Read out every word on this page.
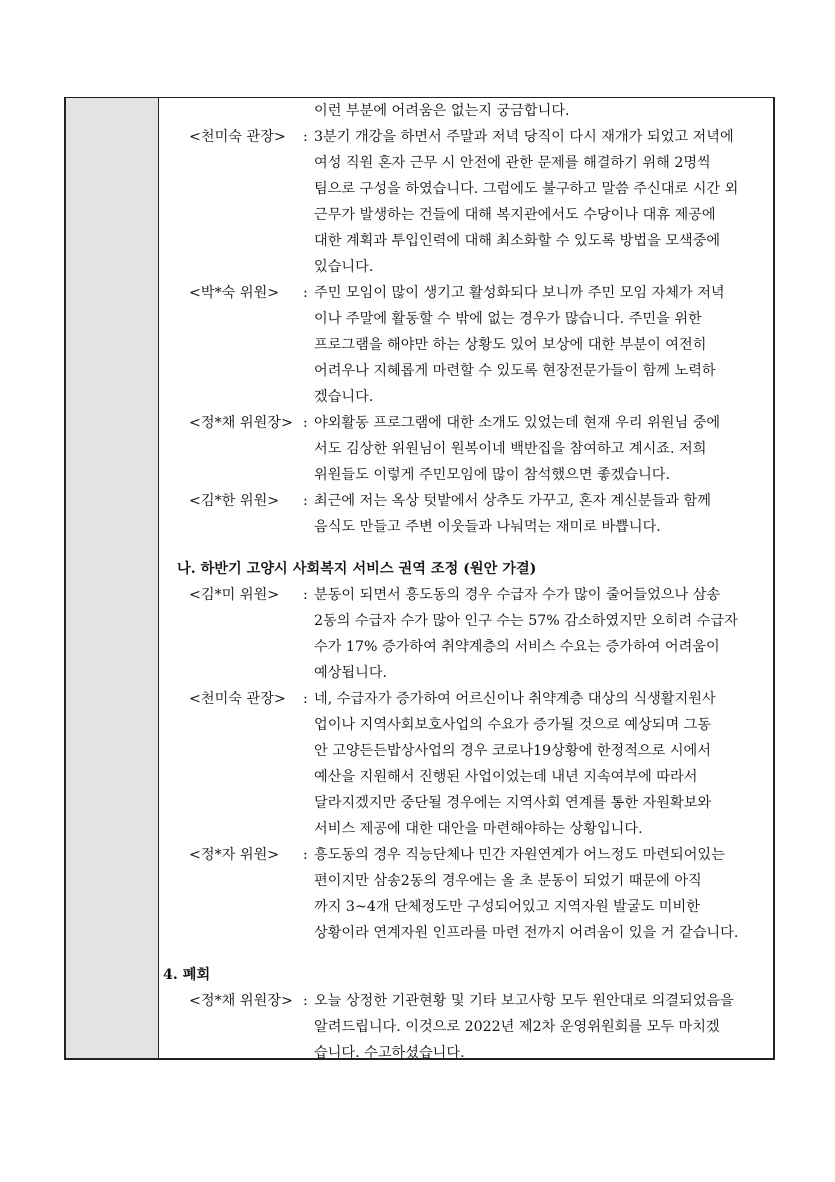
이런 부분에 어려움은 없는지 궁금합니다.
<천미숙 관장> : 3분기 개강을 하면서 주말과 저녁 당직이 다시 재개가 되었고 저녁에
여성 직원 혼자 근무 시 안전에 관한 문제를 해결하기 위해 2명씩
팀으로 구성을 하였습니다. 그럼에도 불구하고 말씀 주신대로 시간 외
근무가 발생하는 건들에 대해 복지관에서도 수당이나 대휴 제공에
대한 계획과 투입인력에 대해 최소화할 수 있도록 방법을 모색중에
있습니다.
<박*숙 위원> : 주민 모임이 많이 생기고 활성화되다 보니까 주민 모임 자체가 저녁
이나 주말에 활동할 수 밖에 없는 경우가 많습니다. 주민을 위한
프로그램을 해야만 하는 상황도 있어 보상에 대한 부분이 여전히
어려우나 지혜롭게 마련할 수 있도록 현장전문가들이 함께 노력하
겠습니다.
<정*채 위원장> : 야외활동 프로그램에 대한 소개도 있었는데 현재 우리 위원님 중에
서도 김상한 위원님이 원복이네 백반집을 참여하고 계시죠. 저희
위원들도 이렇게 주민모임에 많이 참석했으면 좋겠습니다.
<김*한 위원> : 최근에 저는 옥상 텃밭에서 상추도 가꾸고, 혼자 계신분들과 함께
음식도 만들고 주변 이웃들과 나눠먹는 재미로 바쁩니다.
나. 하반기 고양시 사회복지 서비스 권역 조정 (원안 가결)
<김*미 위원> : 분동이 되면서 흥도동의 경우 수급자 수가 많이 줄어들었으나 삼송
2동의 수급자 수가 많아 인구 수는 57% 감소하였지만 오히려 수급자
수가 17% 증가하여 취약계층의 서비스 수요는 증가하여 어려움이
예상됩니다.
<천미숙 관장> : 네, 수급자가 증가하여 어르신이나 취약계층 대상의 식생활지원사
업이나 지역사회보호사업의 수요가 증가될 것으로 예상되며 그동
안 고양든든밥상사업의 경우 코로나19상황에 한정적으로 시에서
예산을 지원해서 진행된 사업이었는데 내년 지속여부에 따라서
달라지겠지만 중단될 경우에는 지역사회 연계를 통한 자원확보와
서비스 제공에 대한 대안을 마련해야하는 상황입니다.
<정*자 위원> : 흥도동의 경우 직능단체나 민간 자원연계가 어느정도 마련되어있는
편이지만 삼송2동의 경우에는 올 초 분동이 되었기 때문에 아직
까지 3~4개 단체정도만 구성되어있고 지역자원 발굴도 미비한
상황이라 연계자원 인프라를 마련 전까지 어려움이 있을 거 같습니다.
4. 폐회
<정*채 위원장> : 오늘 상정한 기관현황 및 기타 보고사항 모두 원안대로 의결되었음을
알려드립니다. 이것으로 2022년 제2차 운영위원회를 모두 마치겠
습니다. 수고하셨습니다.
